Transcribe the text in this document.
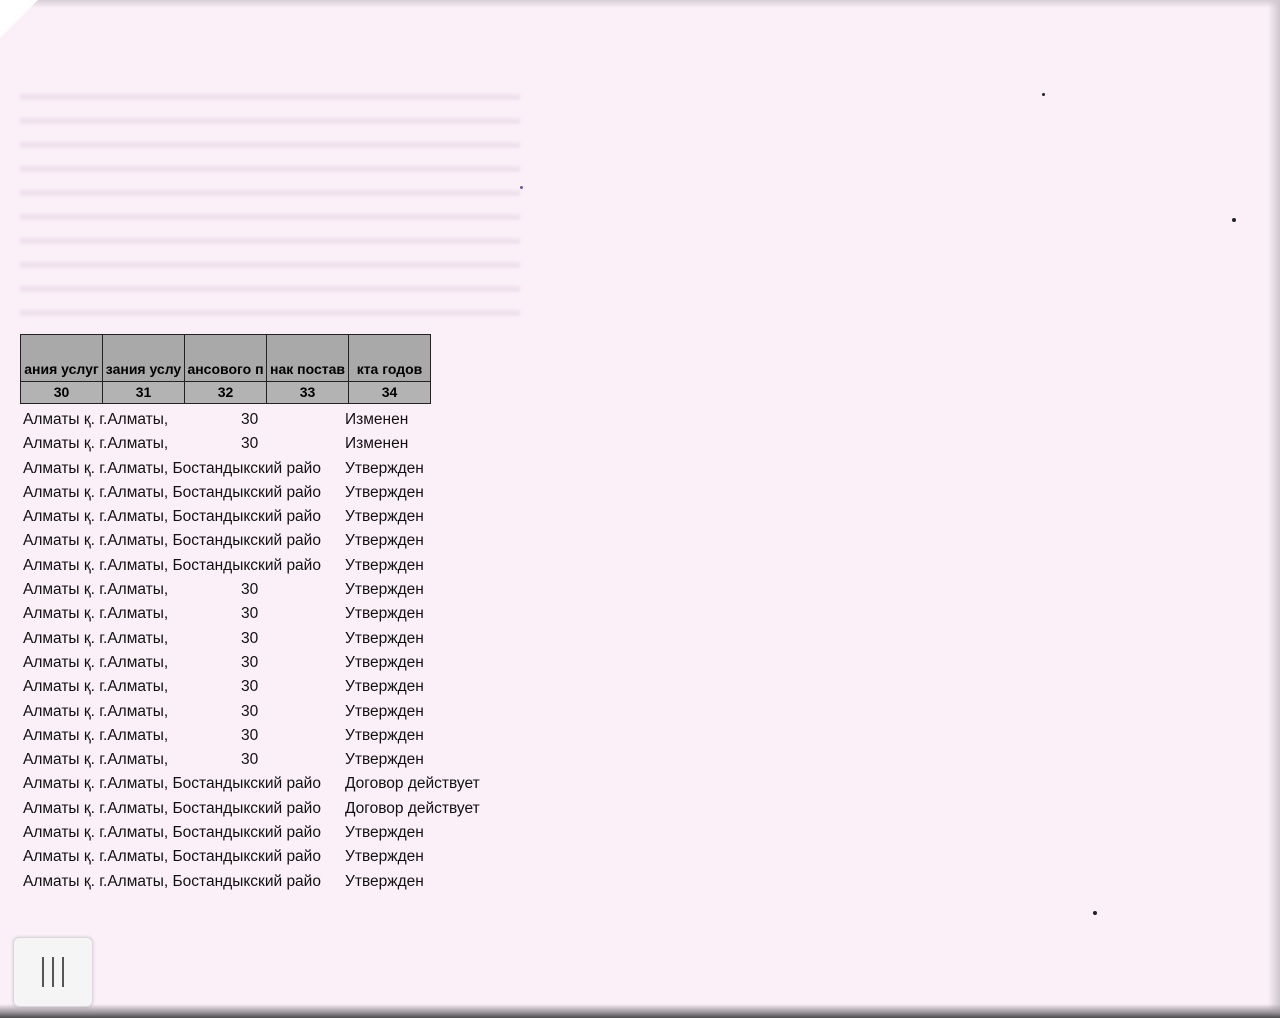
ания услуг	зания услу	ансового п	нак постав	кта годов

30	31	32	33	34
Алматы қ. г.Алматы,	30	Изменен
Алматы қ. г.Алматы,	30	Изменен
Алматы қ. г.Алматы, Бостандыкский райо	Утвержден
Алматы қ. г.Алматы, Бостандыкский райо	Утвержден
Алматы қ. г.Алматы, Бостандыкский райо	Утвержден
Алматы қ. г.Алматы, Бостандыкский райо	Утвержден
Алматы қ. г.Алматы, Бостандыкский райо	Утвержден
Алматы қ. г.Алматы,	30	Утвержден
Алматы қ. г.Алматы,	30	Утвержден
Алматы қ. г.Алматы,	30	Утвержден
Алматы қ. г.Алматы,	30	Утвержден
Алматы қ. г.Алматы,	30	Утвержден
Алматы қ. г.Алматы,	30	Утвержден
Алматы қ. г.Алматы,	30	Утвержден
Алматы қ. г.Алматы,	30	Утвержден
Алматы қ. г.Алматы, Бостандыкский райо	Договор действует
Алматы қ. г.Алматы, Бостандыкский райо	Договор действует
Алматы қ. г.Алматы, Бостандыкский райо	Утвержден
Алматы қ. г.Алматы, Бостандыкский райо	Утвержден
Алматы қ. г.Алматы, Бостандыкский райо	Утвержден
